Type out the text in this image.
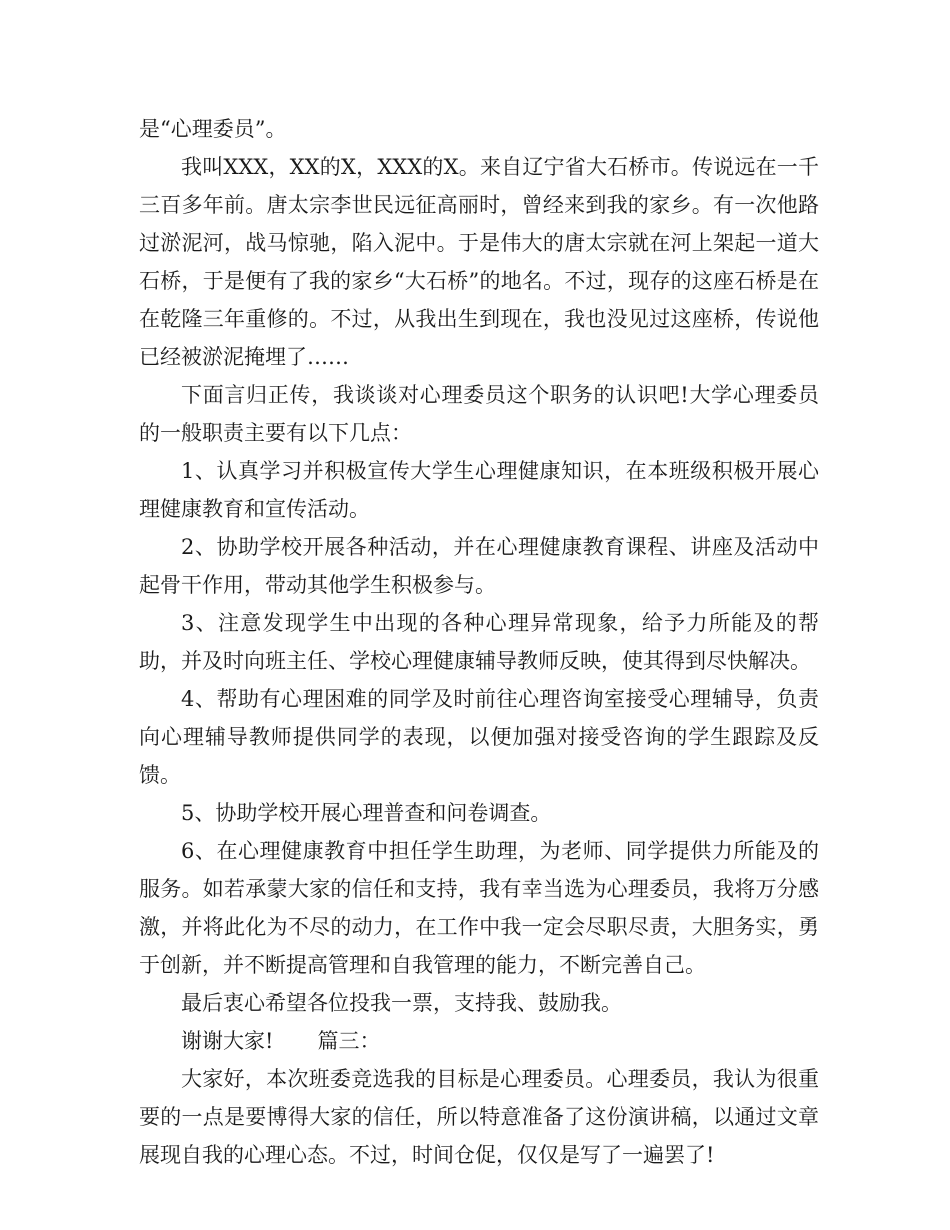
是“心理委员”。

我叫XXX，XX的X，XXX的X。来自辽宁省大石桥市。传说远在一千三百多年前。唐太宗李世民远征高丽时，曾经来到我的家乡。有一次他路过淤泥河，战马惊驰，陷入泥中。于是伟大的唐太宗就在河上架起一道大石桥，于是便有了我的家乡“大石桥”的地名。不过，现存的这座石桥是在在乾隆三年重修的。不过，从我出生到现在，我也没见过这座桥，传说他已经被淤泥掩埋了……

下面言归正传，我谈谈对心理委员这个职务的认识吧!大学心理委员的一般职责主要有以下几点：

1、认真学习并积极宣传大学生心理健康知识，在本班级积极开展心理健康教育和宣传活动。

2、协助学校开展各种活动，并在心理健康教育课程、讲座及活动中起骨干作用，带动其他学生积极参与。

3、注意发现学生中出现的各种心理异常现象，给予力所能及的帮助，并及时向班主任、学校心理健康辅导教师反映，使其得到尽快解决。

4、帮助有心理困难的同学及时前往心理咨询室接受心理辅导，负责向心理辅导教师提供同学的表现，以便加强对接受咨询的学生跟踪及反馈。

5、协助学校开展心理普查和问卷调查。

6、在心理健康教育中担任学生助理，为老师、同学提供力所能及的服务。如若承蒙大家的信任和支持，我有幸当选为心理委员，我将万分感激，并将此化为不尽的动力，在工作中我一定会尽职尽责，大胆务实，勇于创新，并不断提高管理和自我管理的能力，不断完善自己。

最后衷心希望各位投我一票，支持我、鼓励我。

谢谢大家! 篇三：

大家好，本次班委竞选我的目标是心理委员。心理委员，我认为很重要的一点是要博得大家的信任，所以特意准备了这份演讲稿，以通过文章展现自我的心理心态。不过，时间仓促，仅仅是写了一遍罢了!
